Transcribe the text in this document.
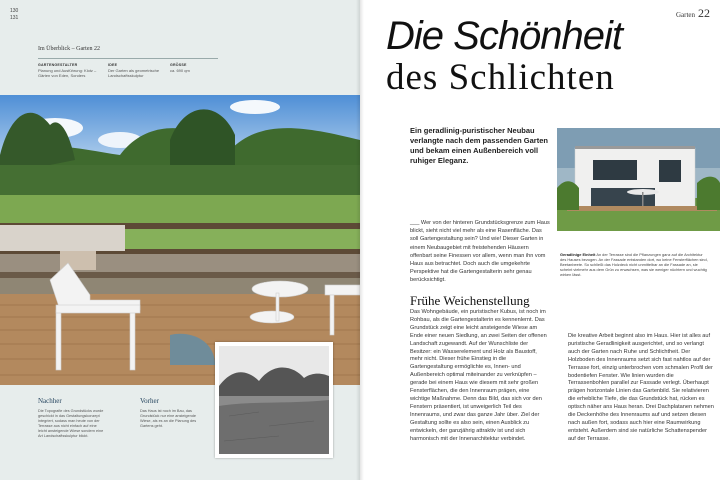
130
131
Im Überblick – Garten 22
GARTENGESTALTER
Planung und Ausführung: Klotz – Gärten von Eden, Sonders
IDEE
Der Garten als geometrische Landschaftsskulptur
GRÖSSE
ca. 690 qm
Nachher
Die Topografie des Grundstücks wurde geschickt in das Gestaltungskonzept integriert, sodass man heute von der Terrasse aus nicht einfach auf eine leicht ansteigende Wiese sondern eine Art Landschaftsskulptur blickt.
Vorher
Das Haus ist noch im Bau, das Grundstück nur eine ansteigende Wiese, als es an die Planung des Gartens geht.
Garten 22
Die Schönheit
des Schlichten
Ein geradlinig-puristischer Neubau verlangte nach dem passenden Garten und bekam einen Außenbereich voll ruhiger Eleganz.
___ Wer von der hinteren Grundstücksgrenze zum Haus blickt, sieht nicht viel mehr als eine Rasenfläche. Das soll Gartengestaltung sein? Und wie! Dieser Garten in einem Neubaugebiet mit freistehenden Häusern offenbart seine Finessen vor allem, wenn man ihn vom Haus aus betrachtet. Doch auch die umgekehrte Perspektive hat die Gartengestalterin sehr genau berücksichtigt.
Frühe Weichenstellung
Das Wohngebäude, ein puristischer Kubus, ist noch im Rohbau, als die Gartengestalterin es kennenlernt. Das Grundstück zeigt eine leicht ansteigende Wiese am Ende einer neuen Siedlung, an zwei Seiten der offenen Landschaft zugewandt. Auf der Wunschliste der Besitzer: ein Wasserelement und Holz als Baustoff, mehr nicht. Dieser frühe Einstieg in die Gartengestaltung ermöglichte es, Innen- und Außenbereich optimal miteinander zu verknüpfen – gerade bei einem Haus wie diesem mit sehr großen Fensterflächen, die den Innenraum prägen, eine wichtige Maßnahme. Denn das Bild, das sich vor den Fenstern präsentiert, ist unweigerlich Teil des Innenraums, und zwar das ganze Jahr über. Ziel der Gestaltung sollte es also sein, einen Ausblick zu entwickeln, der ganzjährig attraktiv ist und sich harmonisch mit der Innenarchitektur verbindet.
Die kreative Arbeit beginnt also im Haus. Hier ist alles auf puristische Geradlinigkeit ausgerichtet, und so verlangt auch der Garten nach Ruhe und Schlichtheit. Der Holzboden des Innenraums setzt sich fast nahtlos auf der Terrasse fort, einzig unterbrochen vom schmalen Profil der bodentiefen Fenster. Wie linien wurden die Terrassenbohlen parallel zur Fassade verlegt. Überhaupt prägen horizontale Linien das Gartenbild. Sie relativieren die erhebliche Tiefe, die das Grundstück hat, rücken es optisch näher ans Haus heran. Drei Dachplatanen nehmen die Deckenhöhe des Innenraums auf und setzen diesen nach außen fort, sodass auch hier eine Raumwirkung entsteht. Außerdem sind sie natürliche Schattenspender auf der Terrasse.
Geradlinige Einheit An der Terrasse sind die Pflanzungen ganz auf die Architektur des Hauses bezogen. An der Fassade entstanden dort, wo keine Fensterflächen sind, Beetanbeete. So schließt das Holzdeck nicht unmittelbar an die Fassade an, sie scheint vielmehr aus dem Grün zu erwachsen, was sie weniger nüchtern und wuchtig wirken lässt.
